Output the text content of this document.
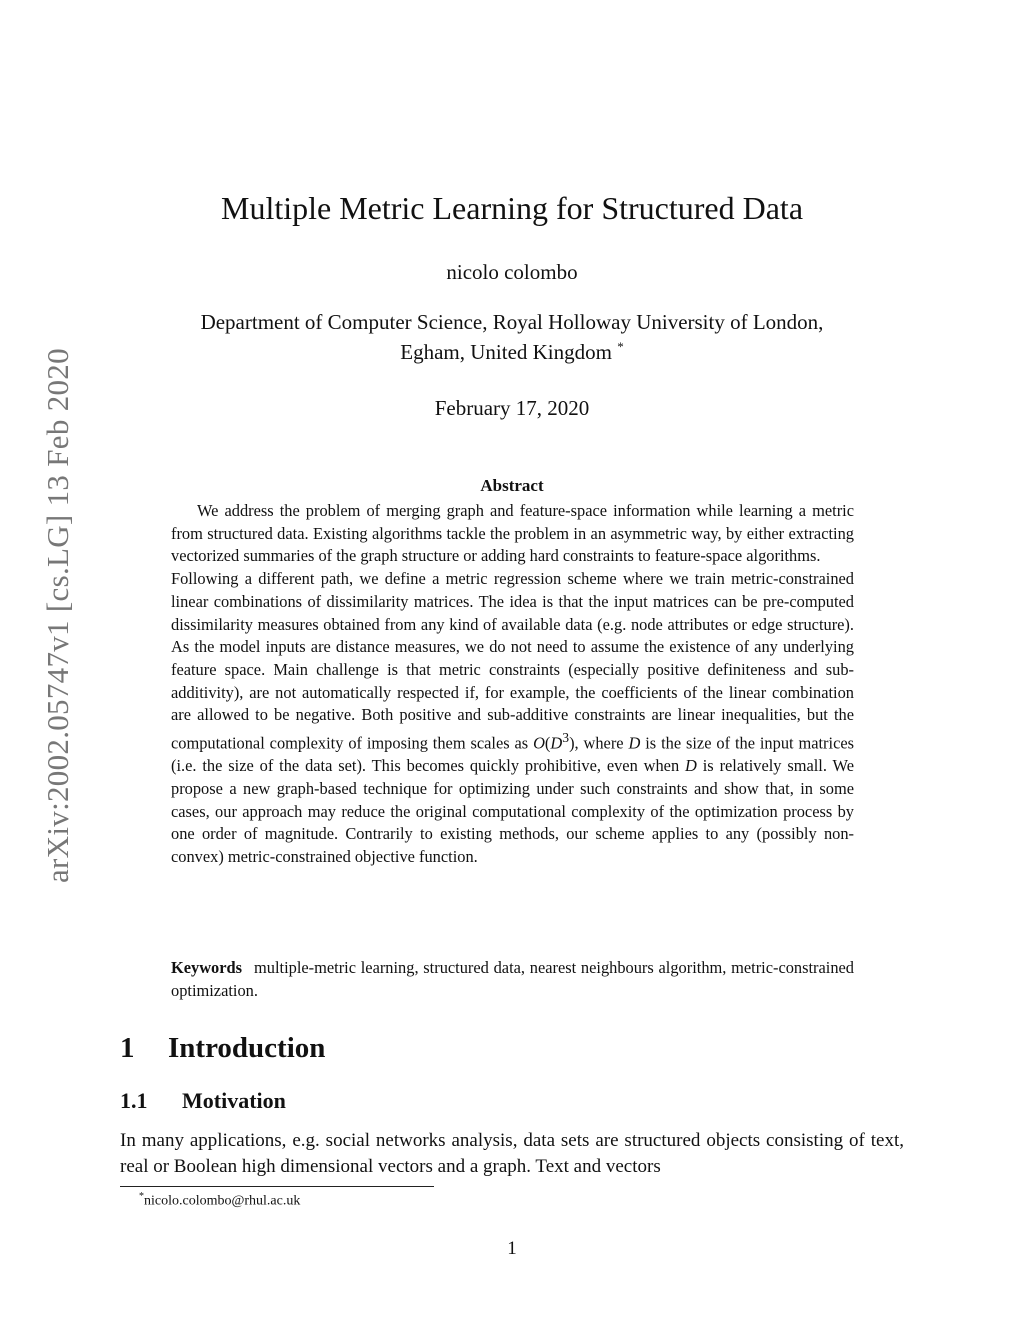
arXiv:2002.05747v1 [cs.LG] 13 Feb 2020
Multiple Metric Learning for Structured Data
nicolo colombo
Department of Computer Science, Royal Holloway University of London,
Egham, United Kingdom *
February 17, 2020
Abstract

We address the problem of merging graph and feature-space information while learning a metric from structured data. Existing algorithms tackle the problem in an asymmetric way, by either extracting vectorized summaries of the graph structure or adding hard constraints to feature-space algorithms.

Following a different path, we define a metric regression scheme where we train metric-constrained linear combinations of dissimilarity matrices. The idea is that the input matrices can be pre-computed dissimilarity measures obtained from any kind of available data (e.g. node attributes or edge structure). As the model inputs are distance measures, we do not need to assume the existence of any underlying feature space. Main challenge is that metric constraints (especially positive definiteness and sub-additivity), are not automatically respected if, for example, the coefficients of the linear combination are allowed to be negative. Both positive and sub-additive constraints are linear inequalities, but the computational complexity of imposing them scales as $O(D^3)$, where D is the size of the input matrices (i.e. the size of the data set). This becomes quickly prohibitive, even when D is relatively small. We propose a new graph-based technique for optimizing under such constraints and show that, in some cases, our approach may reduce the original computational complexity of the optimization process by one order of magnitude. Contrarily to existing methods, our scheme applies to any (possibly non-convex) metric-constrained objective function.

Keywords multiple-metric learning, structured data, nearest neighbours algorithm, metric-constrained optimization.
1 Introduction
1.1 Motivation

In many applications, e.g. social networks analysis, data sets are structured objects consisting of text, real or Boolean high dimensional vectors and a graph. Text and vectors

*nicolo.colombo@rhul.ac.uk
1
